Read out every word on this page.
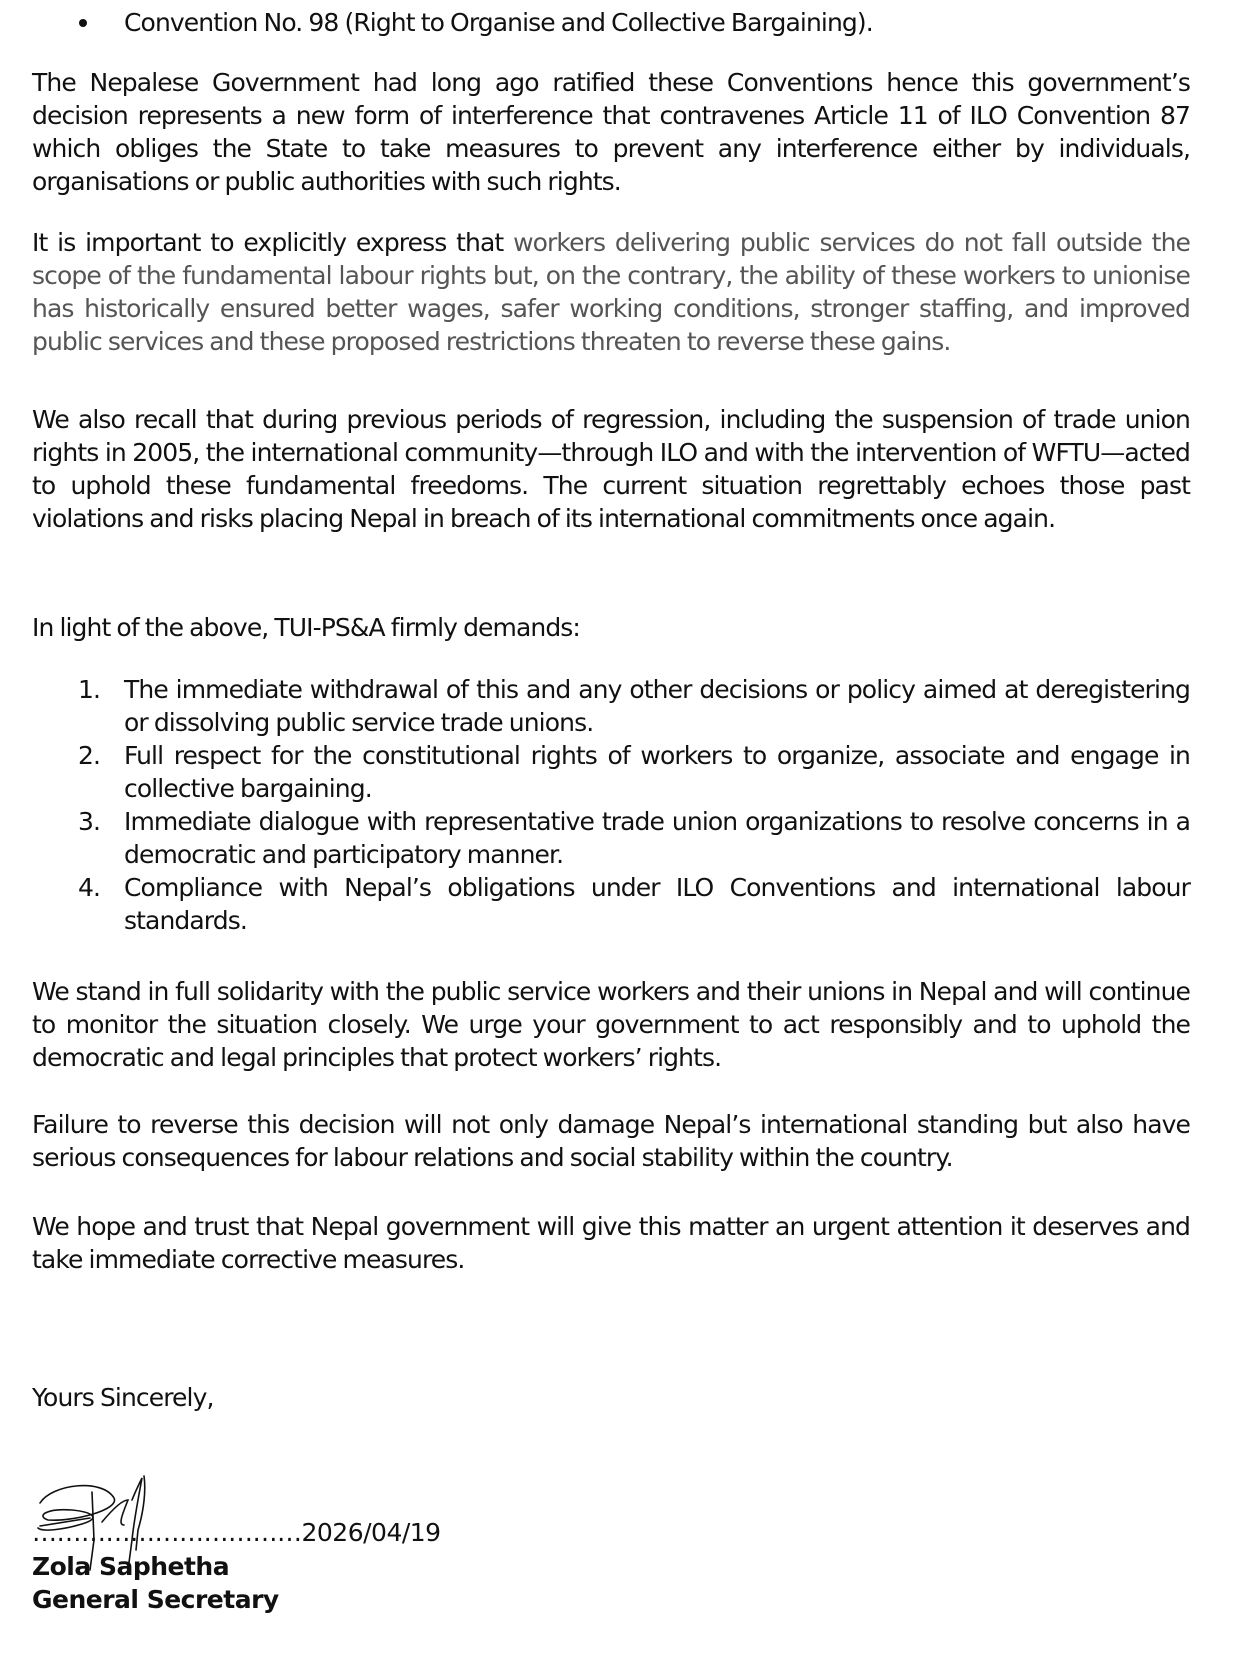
Convention No. 98 (Right to Organise and Collective Bargaining).

The Nepalese Government had long ago ratified these Conventions hence this government’s decision represents a new form of interference that contravenes Article 11 of ILO Convention 87 which obliges the State to take measures to prevent any interference either by individuals, organisations or public authorities with such rights.

It is important to explicitly express that workers delivering public services do not fall outside the scope of the fundamental labour rights but, on the contrary, the ability of these workers to unionise has historically ensured better wages, safer working conditions, stronger staffing, and improved public services and these proposed restrictions threaten to reverse these gains.

We also recall that during previous periods of regression, including the suspension of trade union rights in 2005, the international community—through ILO and with the intervention of WFTU—acted to uphold these fundamental freedoms. The current situation regrettably echoes those past violations and risks placing Nepal in breach of its international commitments once again.

In light of the above, TUI-PS&A firmly demands:

1. The immediate withdrawal of this and any other decisions or policy aimed at deregistering or dissolving public service trade unions.

2. Full respect for the constitutional rights of workers to organize, associate and engage in collective bargaining.

3. Immediate dialogue with representative trade union organizations to resolve concerns in a democratic and participatory manner.

4. Compliance with Nepal’s obligations under ILO Conventions and international labour standards.

We stand in full solidarity with the public service workers and their unions in Nepal and will continue to monitor the situation closely. We urge your government to act responsibly and to uphold the democratic and legal principles that protect workers’ rights.

Failure to reverse this decision will not only damage Nepal’s international standing but also have serious consequences for labour relations and social stability within the country.

We hope and trust that Nepal government will give this matter an urgent attention it deserves and take immediate corrective measures.

Yours Sincerely,
……………………………2026/04/19
Zola Saphetha
General Secretary
